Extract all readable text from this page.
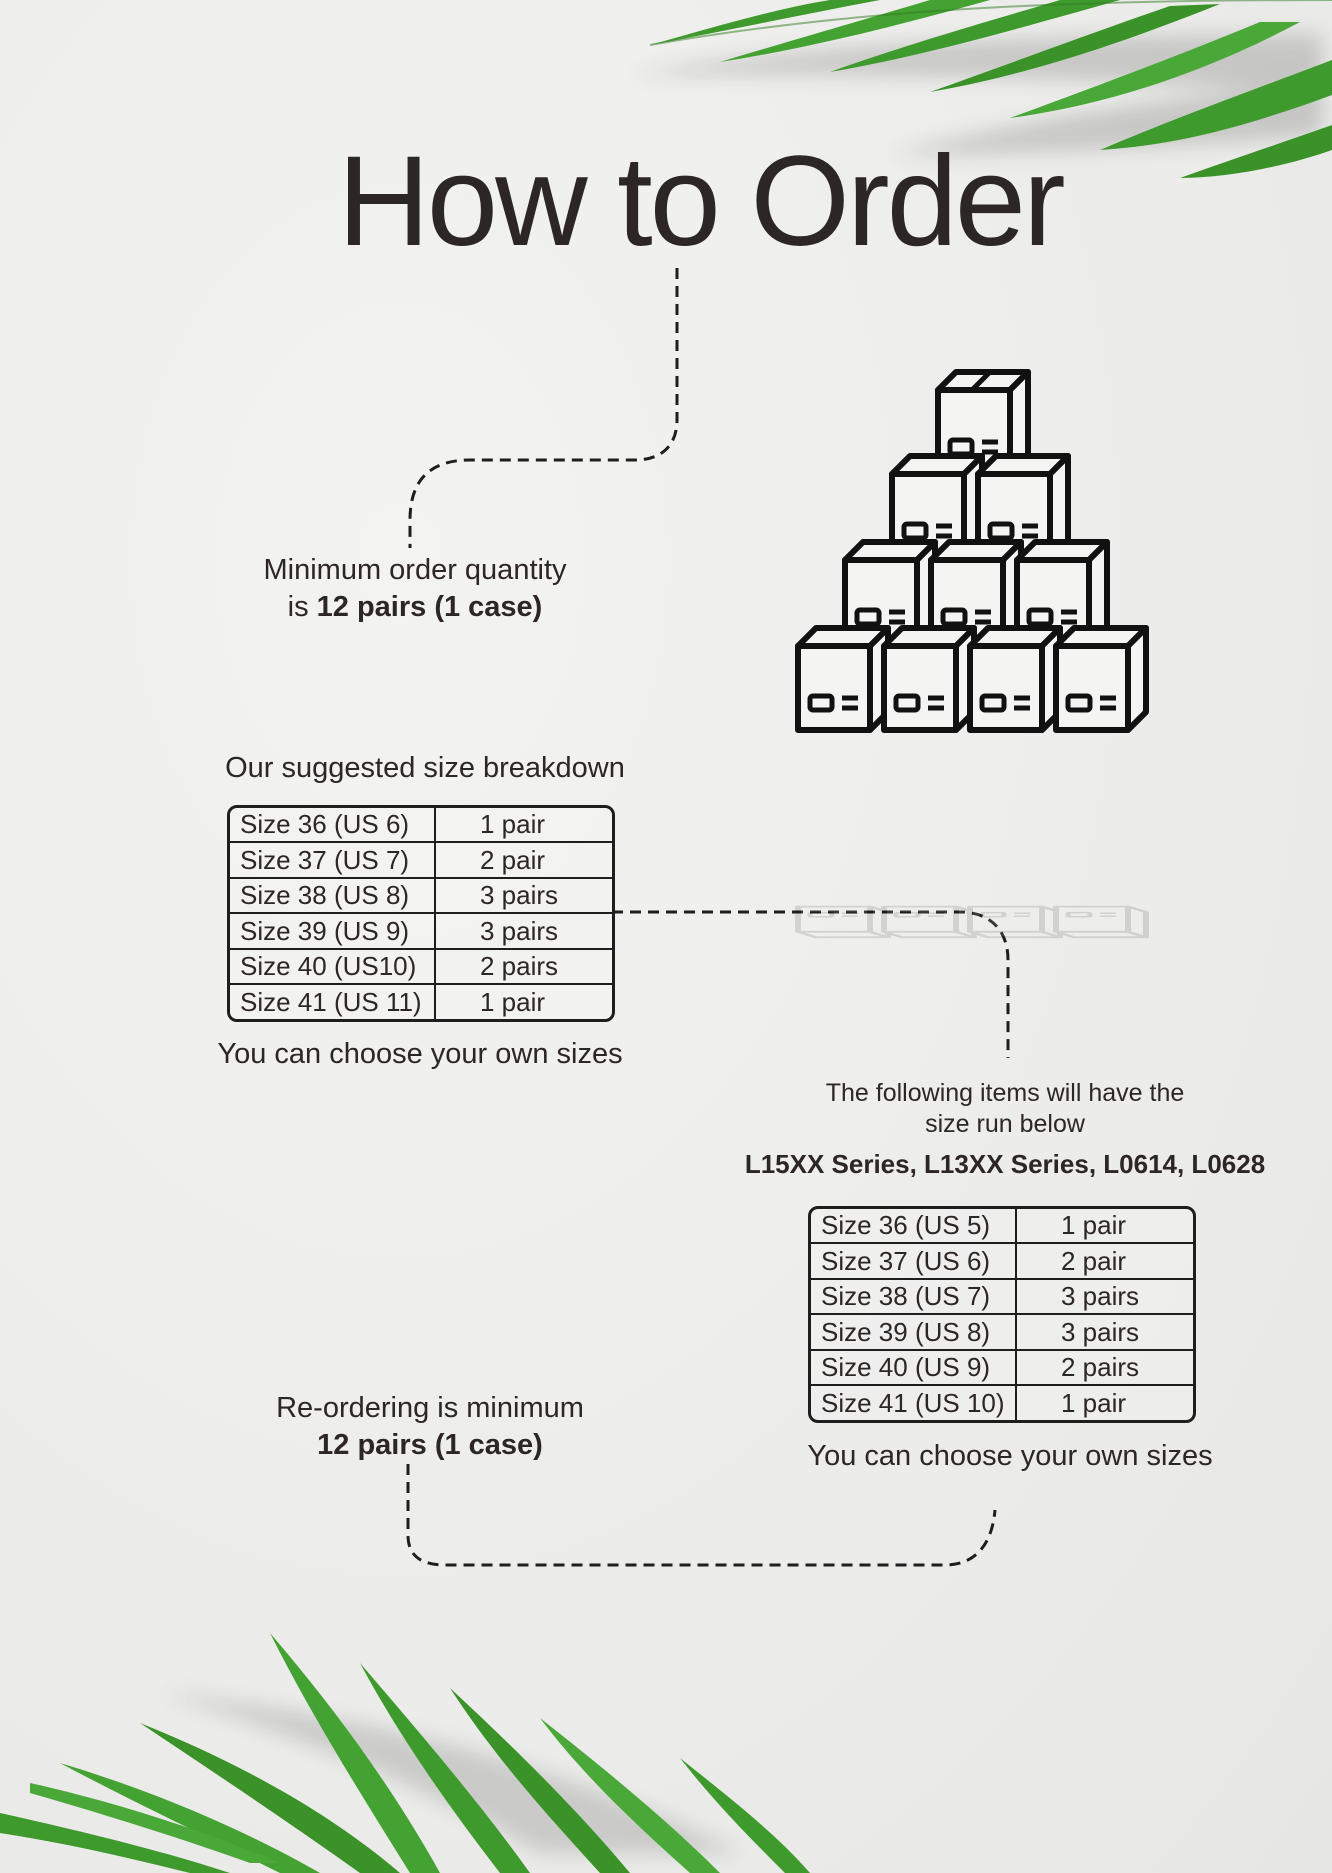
How to Order
Minimum order quantity
is 12 pairs (1 case)
Our suggested size breakdown
Size 36 (US 6)	1 pair
Size 37 (US 7)	2 pair
Size 38 (US 8)	3 pairs
Size 39 (US 9)	3 pairs
Size 40 (US10)	2 pairs
Size 41 (US 11)	1 pair
You can choose your own sizes
The following items will have the
size run below
L15XX Series, L13XX Series, L0614, L0628
Size 36 (US 5)	1 pair
Size 37 (US 6)	2 pair
Size 38 (US 7)	3 pairs
Size 39 (US 8)	3 pairs
Size 40 (US 9)	2 pairs
Size 41 (US 10)	1 pair
You can choose your own sizes
Re-ordering is minimum
12 pairs (1 case)
